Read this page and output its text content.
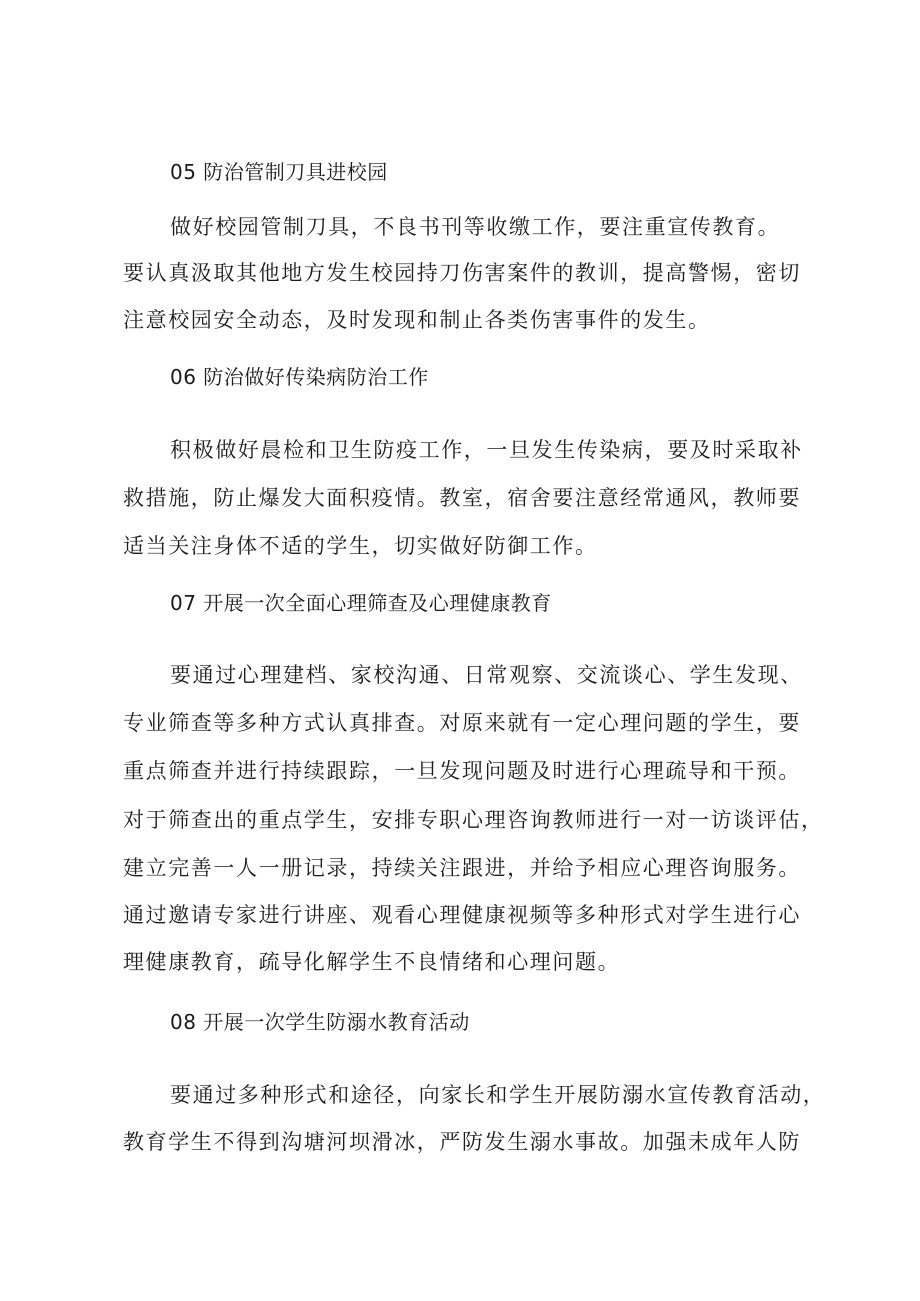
05 防治管制刀具进校园
做好校园管制刀具，不良书刊等收缴工作，要注重宣传教育。
要认真汲取其他地方发生校园持刀伤害案件的教训，提高警惕，密切
注意校园安全动态，及时发现和制止各类伤害事件的发生。
06 防治做好传染病防治工作
积极做好晨检和卫生防疫工作，一旦发生传染病，要及时采取补
救措施，防止爆发大面积疫情。教室，宿舍要注意经常通风，教师要
适当关注身体不适的学生，切实做好防御工作。
07 开展一次全面心理筛查及心理健康教育
要通过心理建档、家校沟通、日常观察、交流谈心、学生发现、
专业筛查等多种方式认真排查。对原来就有一定心理问题的学生，要
重点筛查并进行持续跟踪，一旦发现问题及时进行心理疏导和干预。
对于筛查出的重点学生，安排专职心理咨询教师进行一对一访谈评估，
建立完善一人一册记录，持续关注跟进，并给予相应心理咨询服务。
通过邀请专家进行讲座、观看心理健康视频等多种形式对学生进行心
理健康教育，疏导化解学生不良情绪和心理问题。
08 开展一次学生防溺水教育活动
要通过多种形式和途径，向家长和学生开展防溺水宣传教育活动，
教育学生不得到沟塘河坝滑冰，严防发生溺水事故。加强未成年人防
